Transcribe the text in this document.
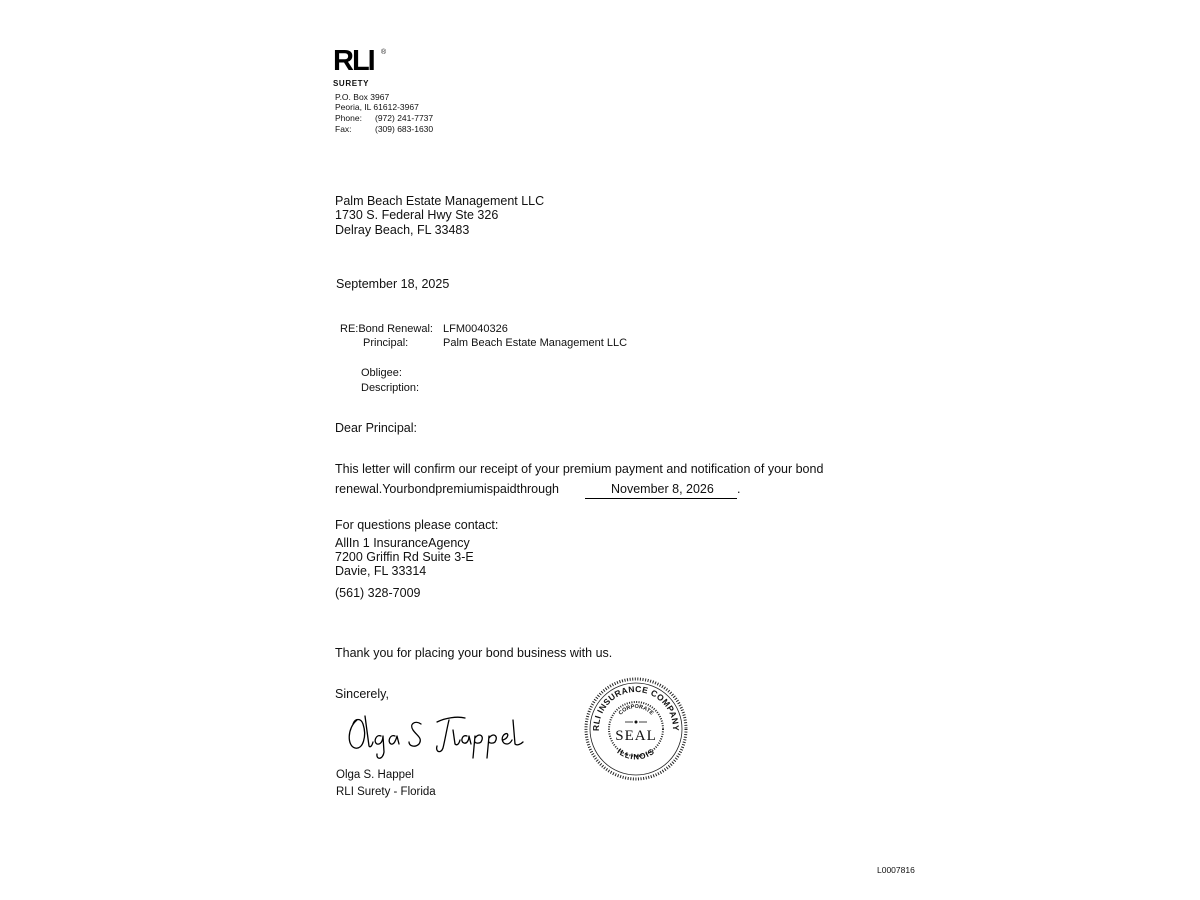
RLI ®
SURETY
P.O. Box 3967
Peoria, IL 61612-3967
Phone: (972) 241-7737
Fax:	(309) 683-1630
Palm Beach Estate Management LLC
1730 S. Federal Hwy Ste 326
Delray Beach, FL 33483
September 18, 2025
RE:Bond Renewal: LFM0040326
Principal:	Palm Beach Estate Management LLC
Obligee:
Description:
Dear Principal:
This letter will confirm our receipt of your premium payment and notification of your bond
renewal.Yourbondpremiumispaidthrough	November 8, 2026 .
For questions please contact:
AllIn 1 InsuranceAgency
7200 Griffin Rd Suite 3-E
Davie, FL 33314
(561) 328-7009
Thank you for placing your bond business with us.
Sincerely,
Olga S. Happel
RLI Surety - Florida
RLI INSURANCE COMPANY
ILLINOIS
CORPORATE
SEAL
L0007816
